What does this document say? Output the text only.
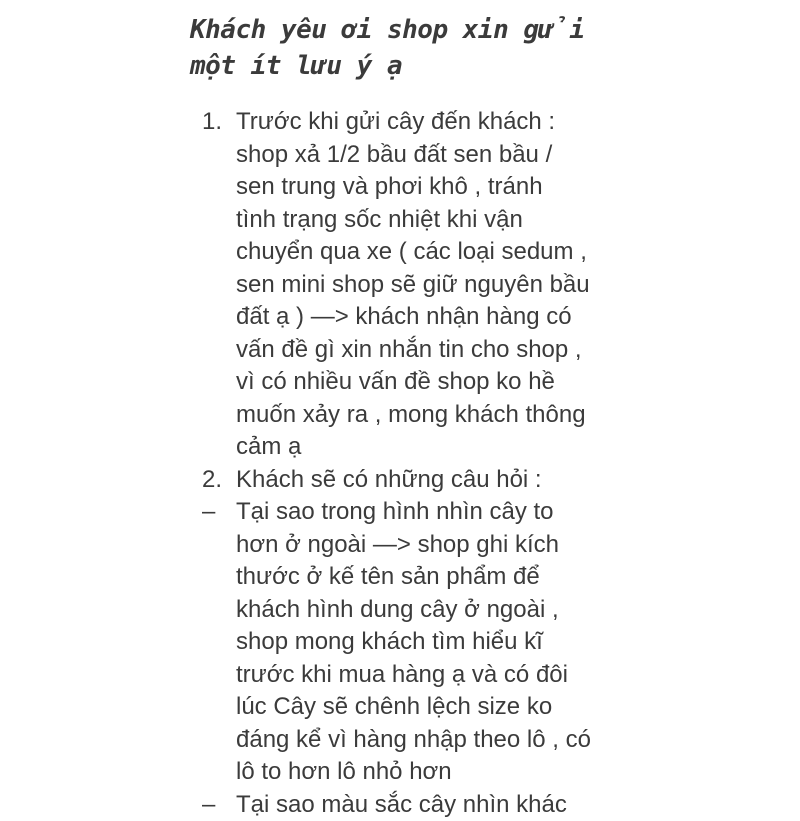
Khách yêu ơi shop xin gửi
một ít lưu ý ạ
1. Trước khi gửi cây đến khách :
shop xả 1/2 bầu đất sen bầu /
sen trung và phơi khô , tránh
tình trạng sốc nhiệt khi vận
chuyển qua xe ( các loại sedum ,
sen mini shop sẽ giữ nguyên bầu
đất ạ ) —> khách nhận hàng có
vấn đề gì xin nhắn tin cho shop ,
vì có nhiều vấn đề shop ko hề
muốn xảy ra , mong khách thông
cảm ạ
2. Khách sẽ có những câu hỏi :
– Tại sao trong hình nhìn cây to
hơn ở ngoài —> shop ghi kích
thước ở kế tên sản phẩm để
khách hình dung cây ở ngoài ,
shop mong khách tìm hiểu kĩ
trước khi mua hàng ạ và có đôi
lúc Cây sẽ chênh lệch size ko
đáng kể vì hàng nhập theo lô , có
lô to hơn lô nhỏ hơn
– Tại sao màu sắc cây nhìn khác
